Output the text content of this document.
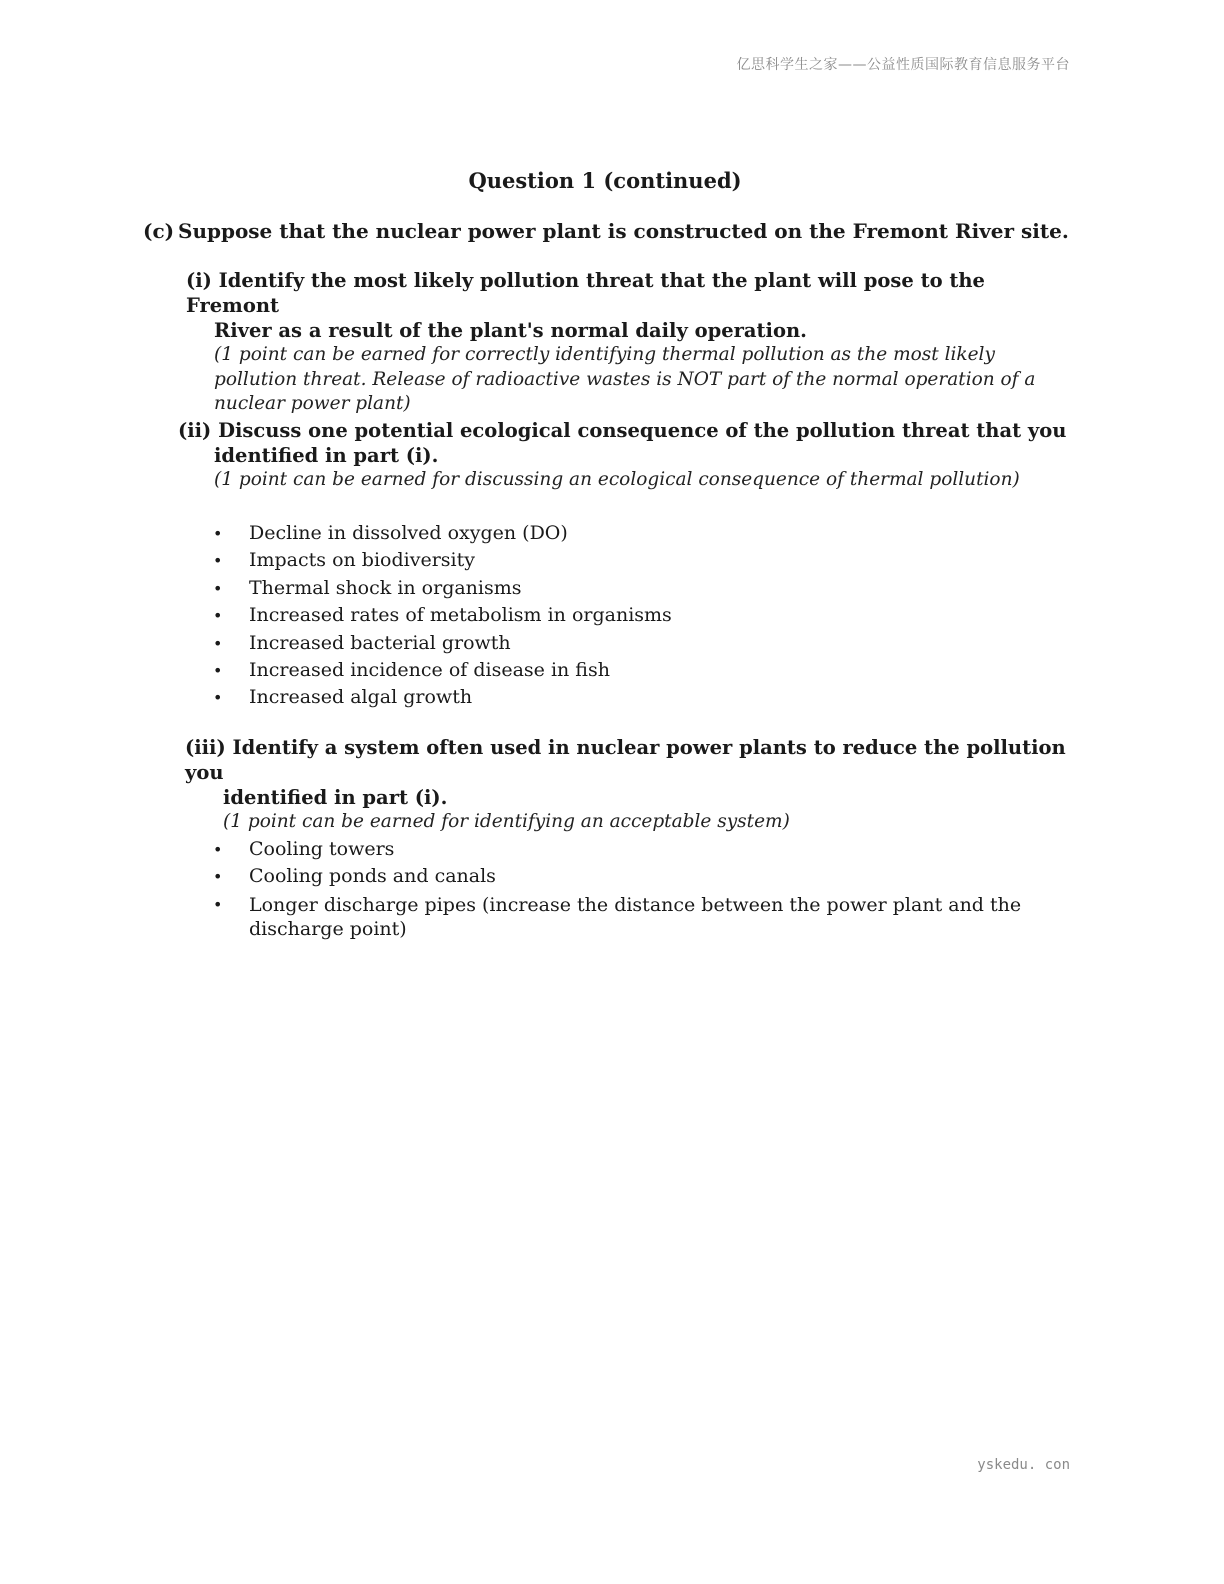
亿思科学生之家——公益性质国际教育信息服务平台
Question 1 (continued)
(c) Suppose that the nuclear power plant is constructed on the Fremont River site.
(i) Identify the most likely pollution threat that the plant will pose to the Fremont
River as a result of the plant's normal daily operation.
(1 point can be earned for correctly identifying thermal pollution as the most likely pollution threat. Release of radioactive wastes is NOT part of the normal operation of a nuclear power plant)
(ii) Discuss one potential ecological consequence of the pollution threat that you
identified in part (i).
(1 point can be earned for discussing an ecological consequence of thermal pollution)
• Decline in dissolved oxygen (DO)
• Impacts on biodiversity
• Thermal shock in organisms
• Increased rates of metabolism in organisms
• Increased bacterial growth
• Increased incidence of disease in fish
• Increased algal growth
(iii) Identify a system often used in nuclear power plants to reduce the pollution you
identified in part (i).
(1 point can be earned for identifying an acceptable system)
• Cooling towers
• Cooling ponds and canals
• Longer discharge pipes (increase the distance between the power plant and the discharge point)
yskedu. con
